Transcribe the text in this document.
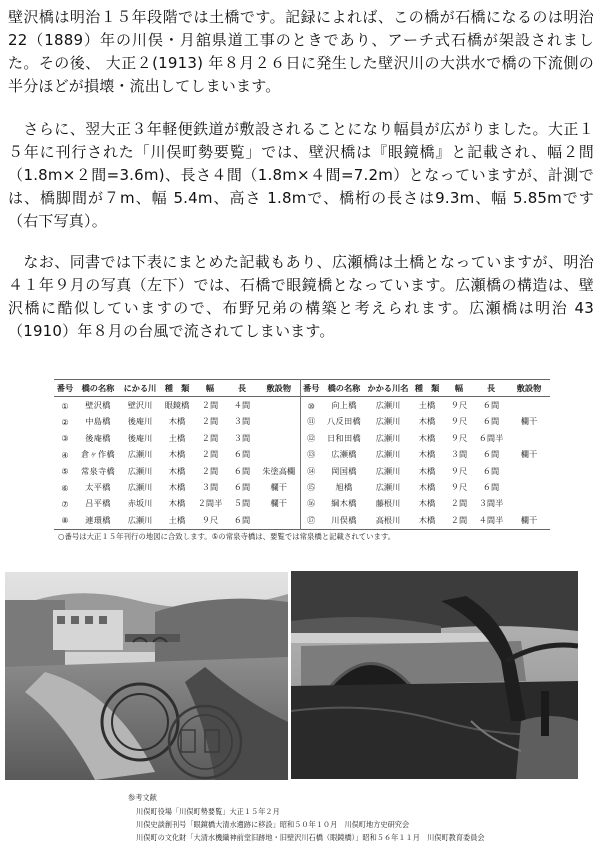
壁沢橋は明治１５年段階では土橋です。記録によれば、この橋が石橋になるのは明治22（1889）年の川俣・月舘県道工事のときであり、アーチ式石橋が架設されました。その後、 大正２(1913) 年８月２６日に発生した壁沢川の大洪水で橋の下流側の半分ほどが損壊・流出してしまいます。

　さらに、翌大正３年軽便鉄道が敷設されることになり幅員が広がりました。大正１５年に刊行された「川俣町勢要覧」では、壁沢橋は『眼鏡橋』と記載され、幅２間（1.8m×２間=3.6m)、長さ４間（1.8m×４間=7.2m）となっていますが、計測では、橋脚間が７m、幅 5.4m、高さ 1.8mで、橋桁の長さは9.3m、幅 5.85mです（右下写真）。

　なお、同書では下表にまとめた記載もあり、広瀬橋は土橋となっていますが、明治４１年９月の写真（左下）では、石橋で眼鏡橋となっています。広瀬橋の構造は、壁沢橋に酷似していますので、布野兄弟の構築と考えられます。広瀬橋は明治 43（1910）年８月の台風で流されてしまいます。

番号	橋の名称	にかる川	種　類	幅	長	敷設物	番号	橋の名称	かかる川名	種　類	幅	長	敷設物
①	壁沢橋	壁沢川	眼鏡橋	２間	４間		⑩	向上橋	広瀬川	土橋	９尺	６間	
②	中島橋	後庵川	木橋	２間	３間		⑪	八反田橋	広瀬川	木橋	９尺	６間	欄干
③	後庵橋	後庵川	土橋	２間	３間		⑫	日和田橋	広瀬川	木橋	９尺	６間半	
④	倉ヶ作橋	広瀬川	木橋	２間	６間		⑬	広瀬橋	広瀬川	木橋	３間	６間	欄干
⑤	常泉寺橋	広瀬川	木橋	２間	６間	朱塗高欄	⑭	岡国橋	広瀬川	木橋	９尺	６間	
⑥	太平橋	広瀬川	木橋	３間	６間	欄干	⑮	旭橋	広瀬川	木橋	９尺	６間	
⑦	吕平橋	赤坂川	木橋	２間半	５間	欄干	⑯	綱木橋	藤根川	木橋	２間	３間半	
⑧	連環橋	広瀬川	土橋	９尺	６間		⑰	川俣橋	高根川	木橋	２間	４間半	欄干

○番号は大正１５年刊行の地図に合致します。⑤の常泉寺橋は、要覧では常泉橋と記載されています。

参考文献

川俣町役場「川俣町勢要覧」大正１５年２月

川俣史談創刊号「眼鏡橋大清水遺跡に移設」昭和５０年１０月　川俣町地方史研究会

川俣町の文化財「大清水機織神前堂旧跡地・旧壁沢川石橋（眼鏡橋）」昭和５６年１１月　川俣町教育委員会
